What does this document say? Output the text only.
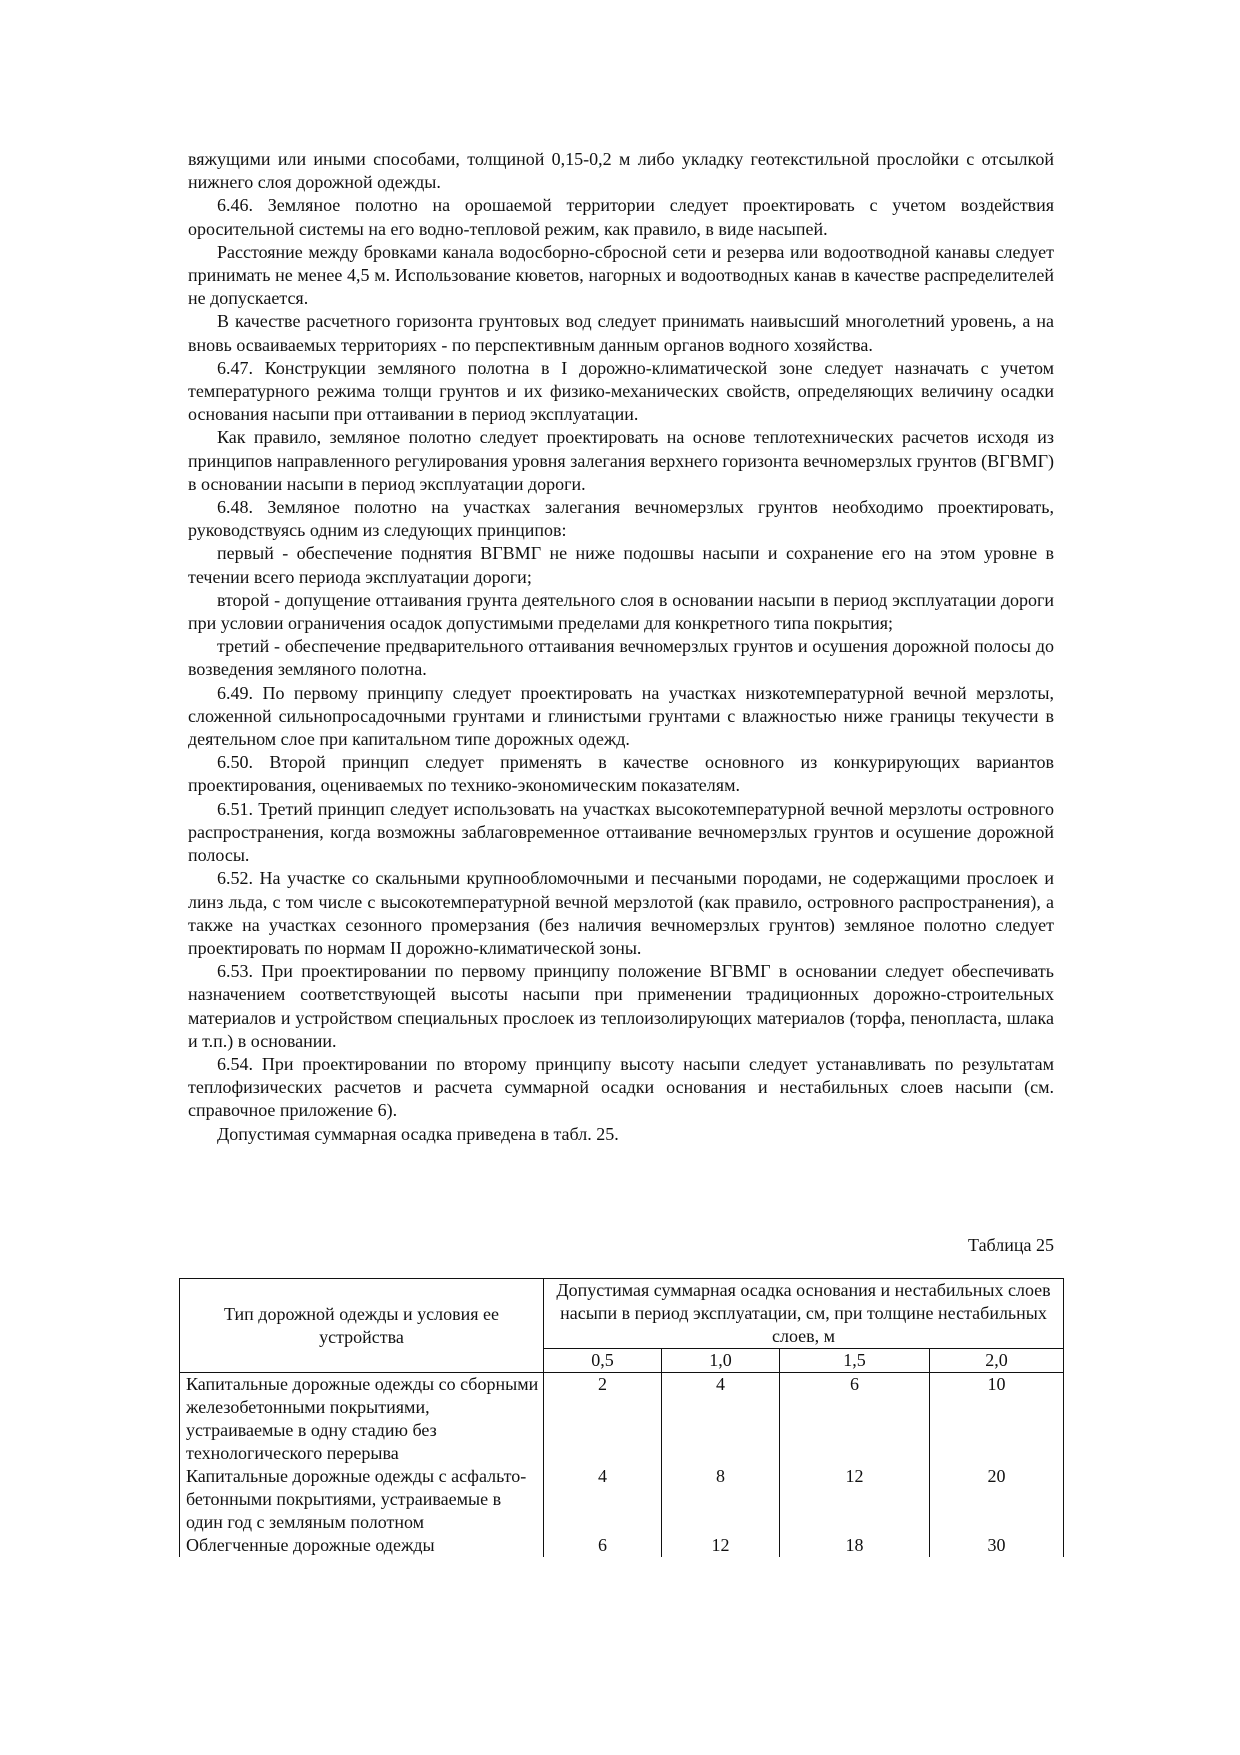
вяжущими или иными способами, толщиной 0,15-0,2 м либо укладку геотекстильной прослойки с отсылкой нижнего слоя дорожной одежды.

6.46. Земляное полотно на орошаемой территории следует проектировать с учетом воздействия оросительной системы на его водно-тепловой режим, как правило, в виде насыпей.

Расстояние между бровками канала водосборно-сбросной сети и резерва или водоотводной канавы следует принимать не менее 4,5 м. Использование кюветов, нагорных и водоотводных канав в качестве распределителей не допускается.

В качестве расчетного горизонта грунтовых вод следует принимать наивысший многолетний уровень, а на вновь осваиваемых территориях - по перспективным данным органов водного хозяйства.

6.47. Конструкции земляного полотна в I дорожно-климатической зоне следует назначать с учетом температурного режима толщи грунтов и их физико-механических свойств, определяющих величину осадки основания насыпи при оттаивании в период эксплуатации.

Как правило, земляное полотно следует проектировать на основе теплотехнических расчетов исходя из принципов направленного регулирования уровня залегания верхнего горизонта вечномерзлых грунтов (ВГВМГ) в основании насыпи в период эксплуатации дороги.

6.48. Земляное полотно на участках залегания вечномерзлых грунтов необходимо проектировать, руководствуясь одним из следующих принципов:

первый - обеспечение поднятия ВГВМГ не ниже подошвы насыпи и сохранение его на этом уровне в течении всего периода эксплуатации дороги;

второй - допущение оттаивания грунта деятельного слоя в основании насыпи в период эксплуатации дороги при условии ограничения осадок допустимыми пределами для конкретного типа покрытия;

третий - обеспечение предварительного оттаивания вечномерзлых грунтов и осушения дорожной полосы до возведения земляного полотна.

6.49. По первому принципу следует проектировать на участках низкотемпературной вечной мерзлоты, сложенной сильнопросадочными грунтами и глинистыми грунтами с влажностью ниже границы текучести в деятельном слое при капитальном типе дорожных одежд.

6.50. Второй принцип следует применять в качестве основного из конкурирующих вариантов проектирования, оцениваемых по технико-экономическим показателям.

6.51. Третий принцип следует использовать на участках высокотемпературной вечной мерзлоты островного распространения, когда возможны заблаговременное оттаивание вечномерзлых грунтов и осушение дорожной полосы.

6.52. На участке со скальными крупнообломочными и песчаными породами, не содержащими прослоек и линз льда, с том числе с высокотемпературной вечной мерзлотой (как правило, островного распространения), а также на участках сезонного промерзания (без наличия вечномерзлых грунтов) земляное полотно следует проектировать по нормам II дорожно-климатической зоны.

6.53. При проектировании по первому принципу положение ВГВМГ в основании следует обеспечивать назначением соответствующей высоты насыпи при применении традиционных дорожно-строительных материалов и устройством специальных прослоек из теплоизолирующих материалов (торфа, пенопласта, шлака и т.п.) в основании.

6.54. При проектировании по второму принципу высоту насыпи следует устанавливать по результатам теплофизических расчетов и расчета суммарной осадки основания и нестабильных слоев насыпи (см. справочное приложение 6).

Допустимая суммарная осадка приведена в табл. 25.

Таблица 25
Тип дорожной одежды и условия ее устройства	Допустимая суммарная осадка основания и нестабильных слоев насыпи в период эксплуатации, см, при толщине нестабильных слоев, м			
	0,5	1,0	1,5	2,0
Капитальные дорожные одежды со сборными железобетонными покрытиями, устраиваемые в одну стадию без технологического перерыва	2	4	6	10
Капитальные дорожные одежды с асфальто-бетонными покрытиями, устраиваемые в один год с земляным полотном	4	8	12	20
Облегченные дорожные одежды	6	12	18	30
